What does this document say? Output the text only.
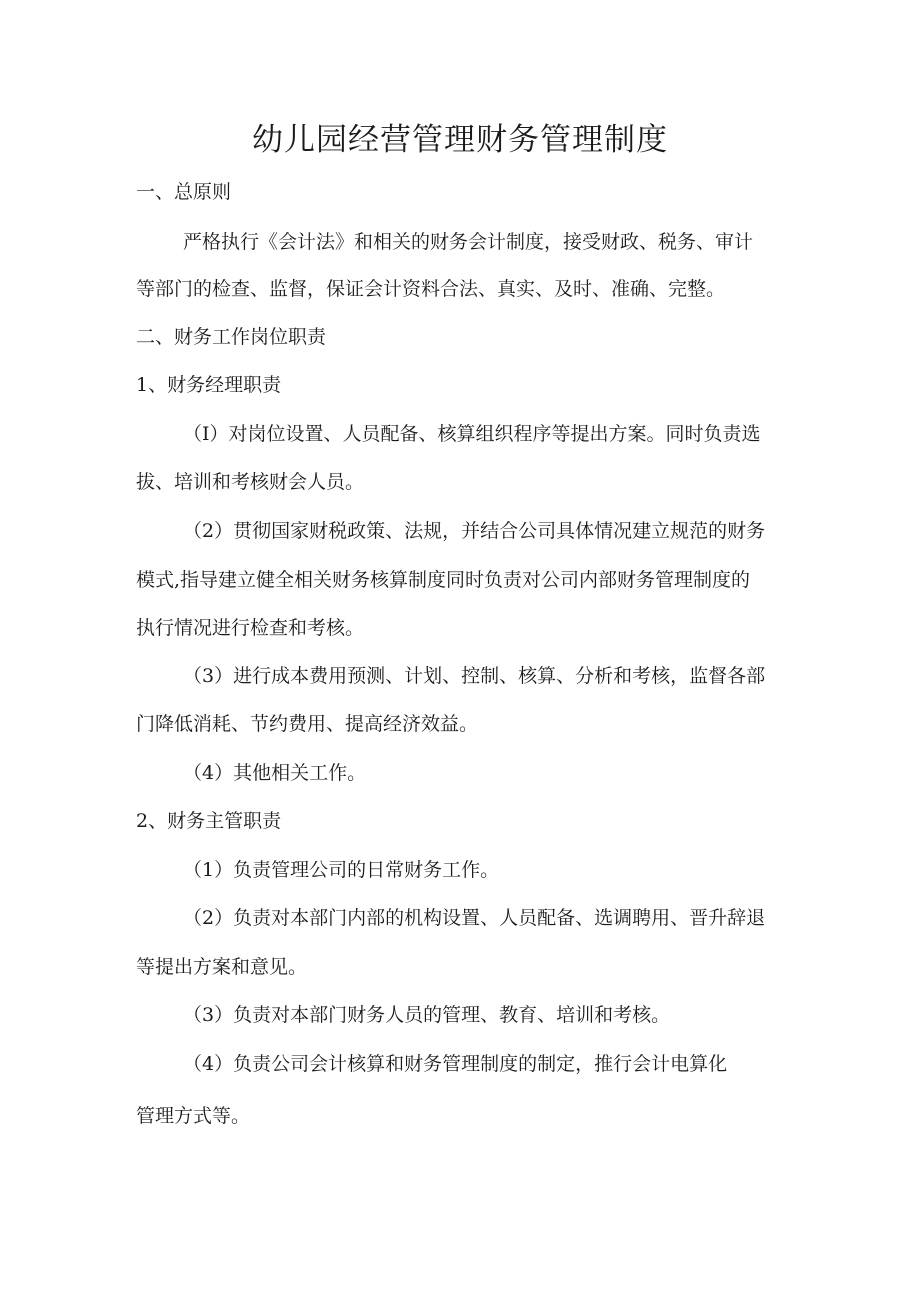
幼儿园经营管理财务管理制度
一、总原则
严格执行《会计法》和相关的财务会计制度，接受财政、税务、审计
等部门的检查、监督，保证会计资料合法、真实、及时、准确、完整。
二、财务工作岗位职责
1、财务经理职责
（I）对岗位设置、人员配备、核算组织程序等提出方案。同时负责选
拔、培训和考核财会人员。
（2）贯彻国家财税政策、法规，并结合公司具体情况建立规范的财务
模式,指导建立健全相关财务核算制度同时负责对公司内部财务管理制度的
执行情况进行检查和考核。
（3）进行成本费用预测、计划、控制、核算、分析和考核，监督各部
门降低消耗、节约费用、提高经济效益。
（4）其他相关工作。
2、财务主管职责
（1）负责管理公司的日常财务工作。
（2）负责对本部门内部的机构设置、人员配备、选调聘用、晋升辞退
等提出方案和意见。
（3）负责对本部门财务人员的管理、教育、培训和考核。
（4）负责公司会计核算和财务管理制度的制定，推行会计电算化
管理方式等。
